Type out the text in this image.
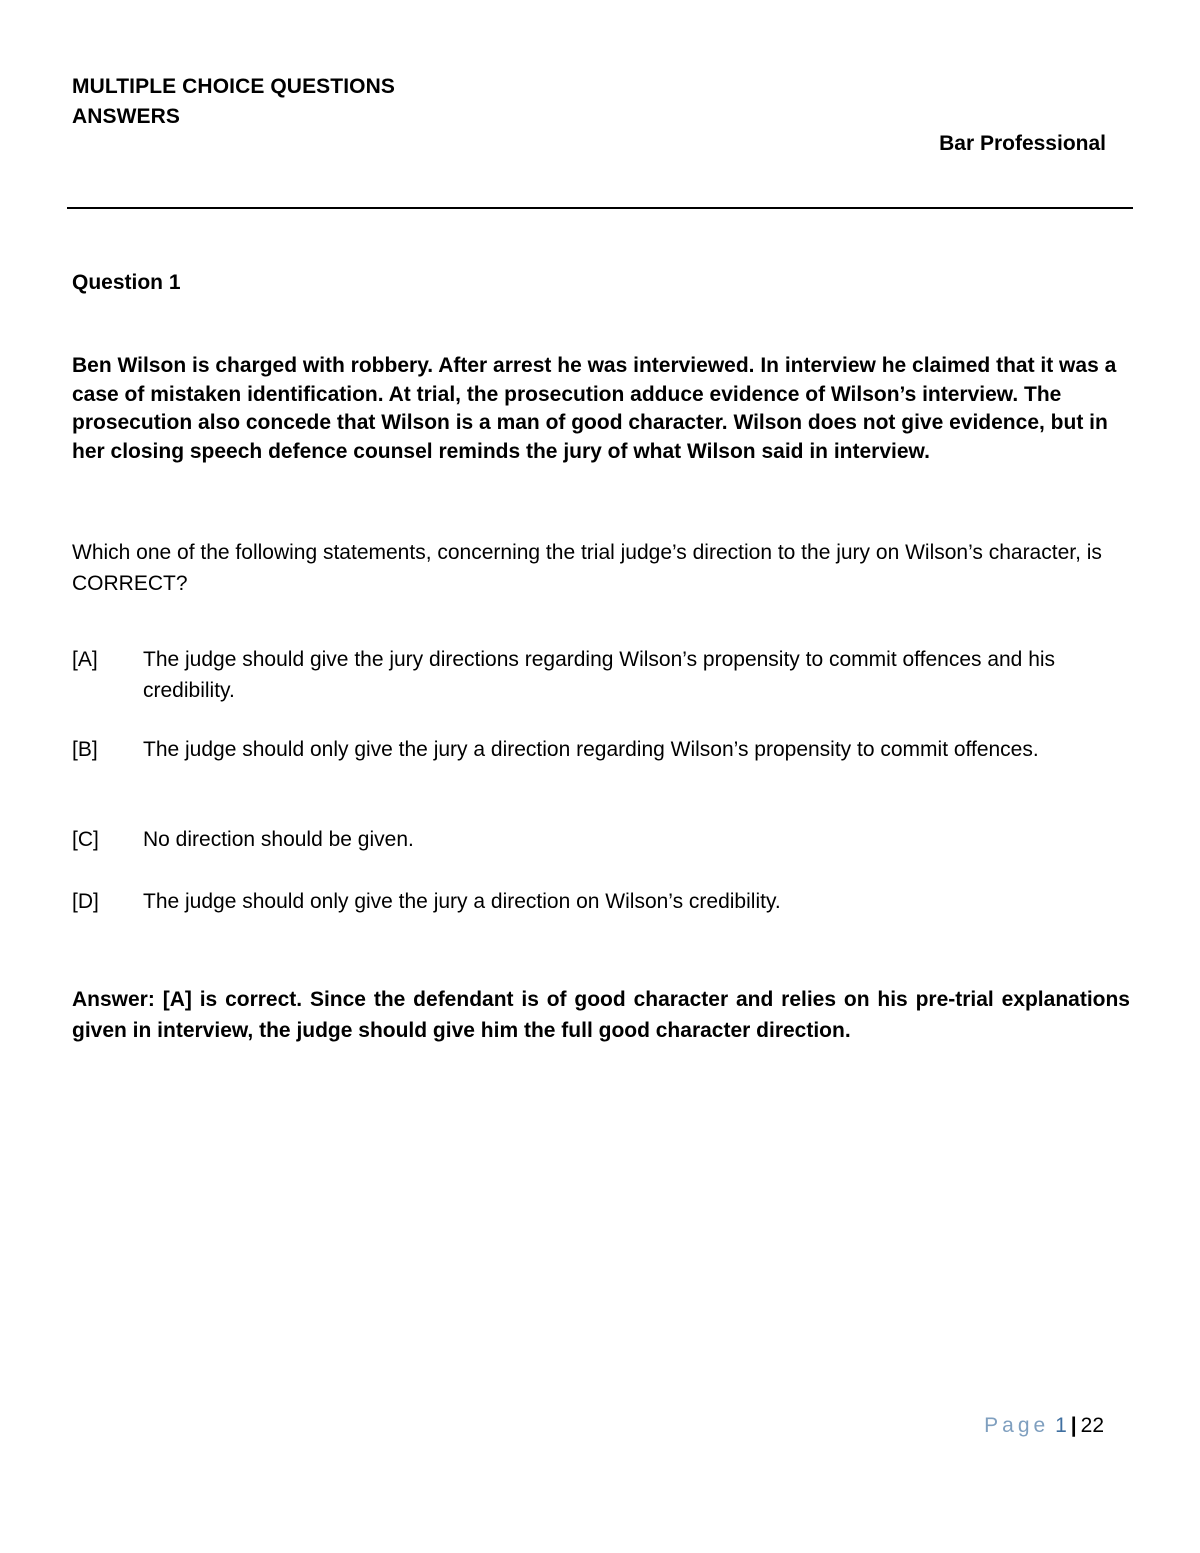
MULTIPLE CHOICE QUESTIONS
ANSWERS
Bar Professional
Question 1

Ben Wilson is charged with robbery. After arrest he was interviewed. In interview he claimed that it was a case of mistaken identification. At trial, the prosecution adduce evidence of Wilson’s interview. The prosecution also concede that Wilson is a man of good character. Wilson does not give evidence, but in her closing speech defence counsel reminds the jury of what Wilson said in interview.

Which one of the following statements, concerning the trial judge’s direction to the jury on Wilson’s character, is CORRECT?

[A]	The judge should give the jury directions regarding Wilson’s propensity to commit offences and his credibility.
[B]	The judge should only give the jury a direction regarding Wilson’s propensity to commit offences.
[C]	No direction should be given.
[D]	The judge should only give the jury a direction on Wilson’s credibility.

Answer: [A] is correct. Since the defendant is of good character and relies on his pre-trial explanations given in interview, the judge should give him the full good character direction.

Page 1 | 22
